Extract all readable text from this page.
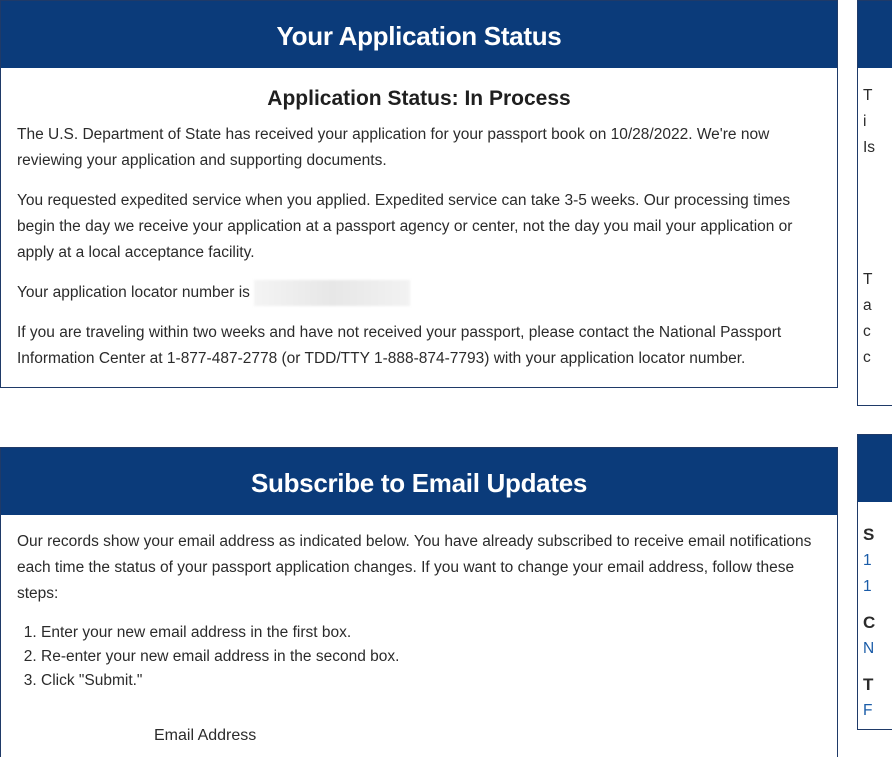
Your Application Status
Application Status: In Process

The U.S. Department of State has received your application for your passport book on 10/28/2022. We're now reviewing your application and supporting documents.

You requested expedited service when you applied. Expedited service can take 3-5 weeks. Our processing times begin the day we receive your application at a passport agency or center, not the day you mail your application or apply at a local acceptance facility.

Your application locator number is

If you are traveling within two weeks and have not received your passport, please contact the National Passport Information Center at 1-877-487-2778 (or TDD/TTY 1-888-874-7793) with your application locator number.

Subscribe to Email Updates

Our records show your email address as indicated below. You have already subscribed to receive email notifications each time the status of your passport application changes. If you want to change your email address, follow these steps:

1. Enter your new email address in the first box.
2. Re-enter your new email address in the second box.
3. Click "Submit."
Email Address
T
i
Is
T
a
c
c
S
1
1
C
N
T
F
